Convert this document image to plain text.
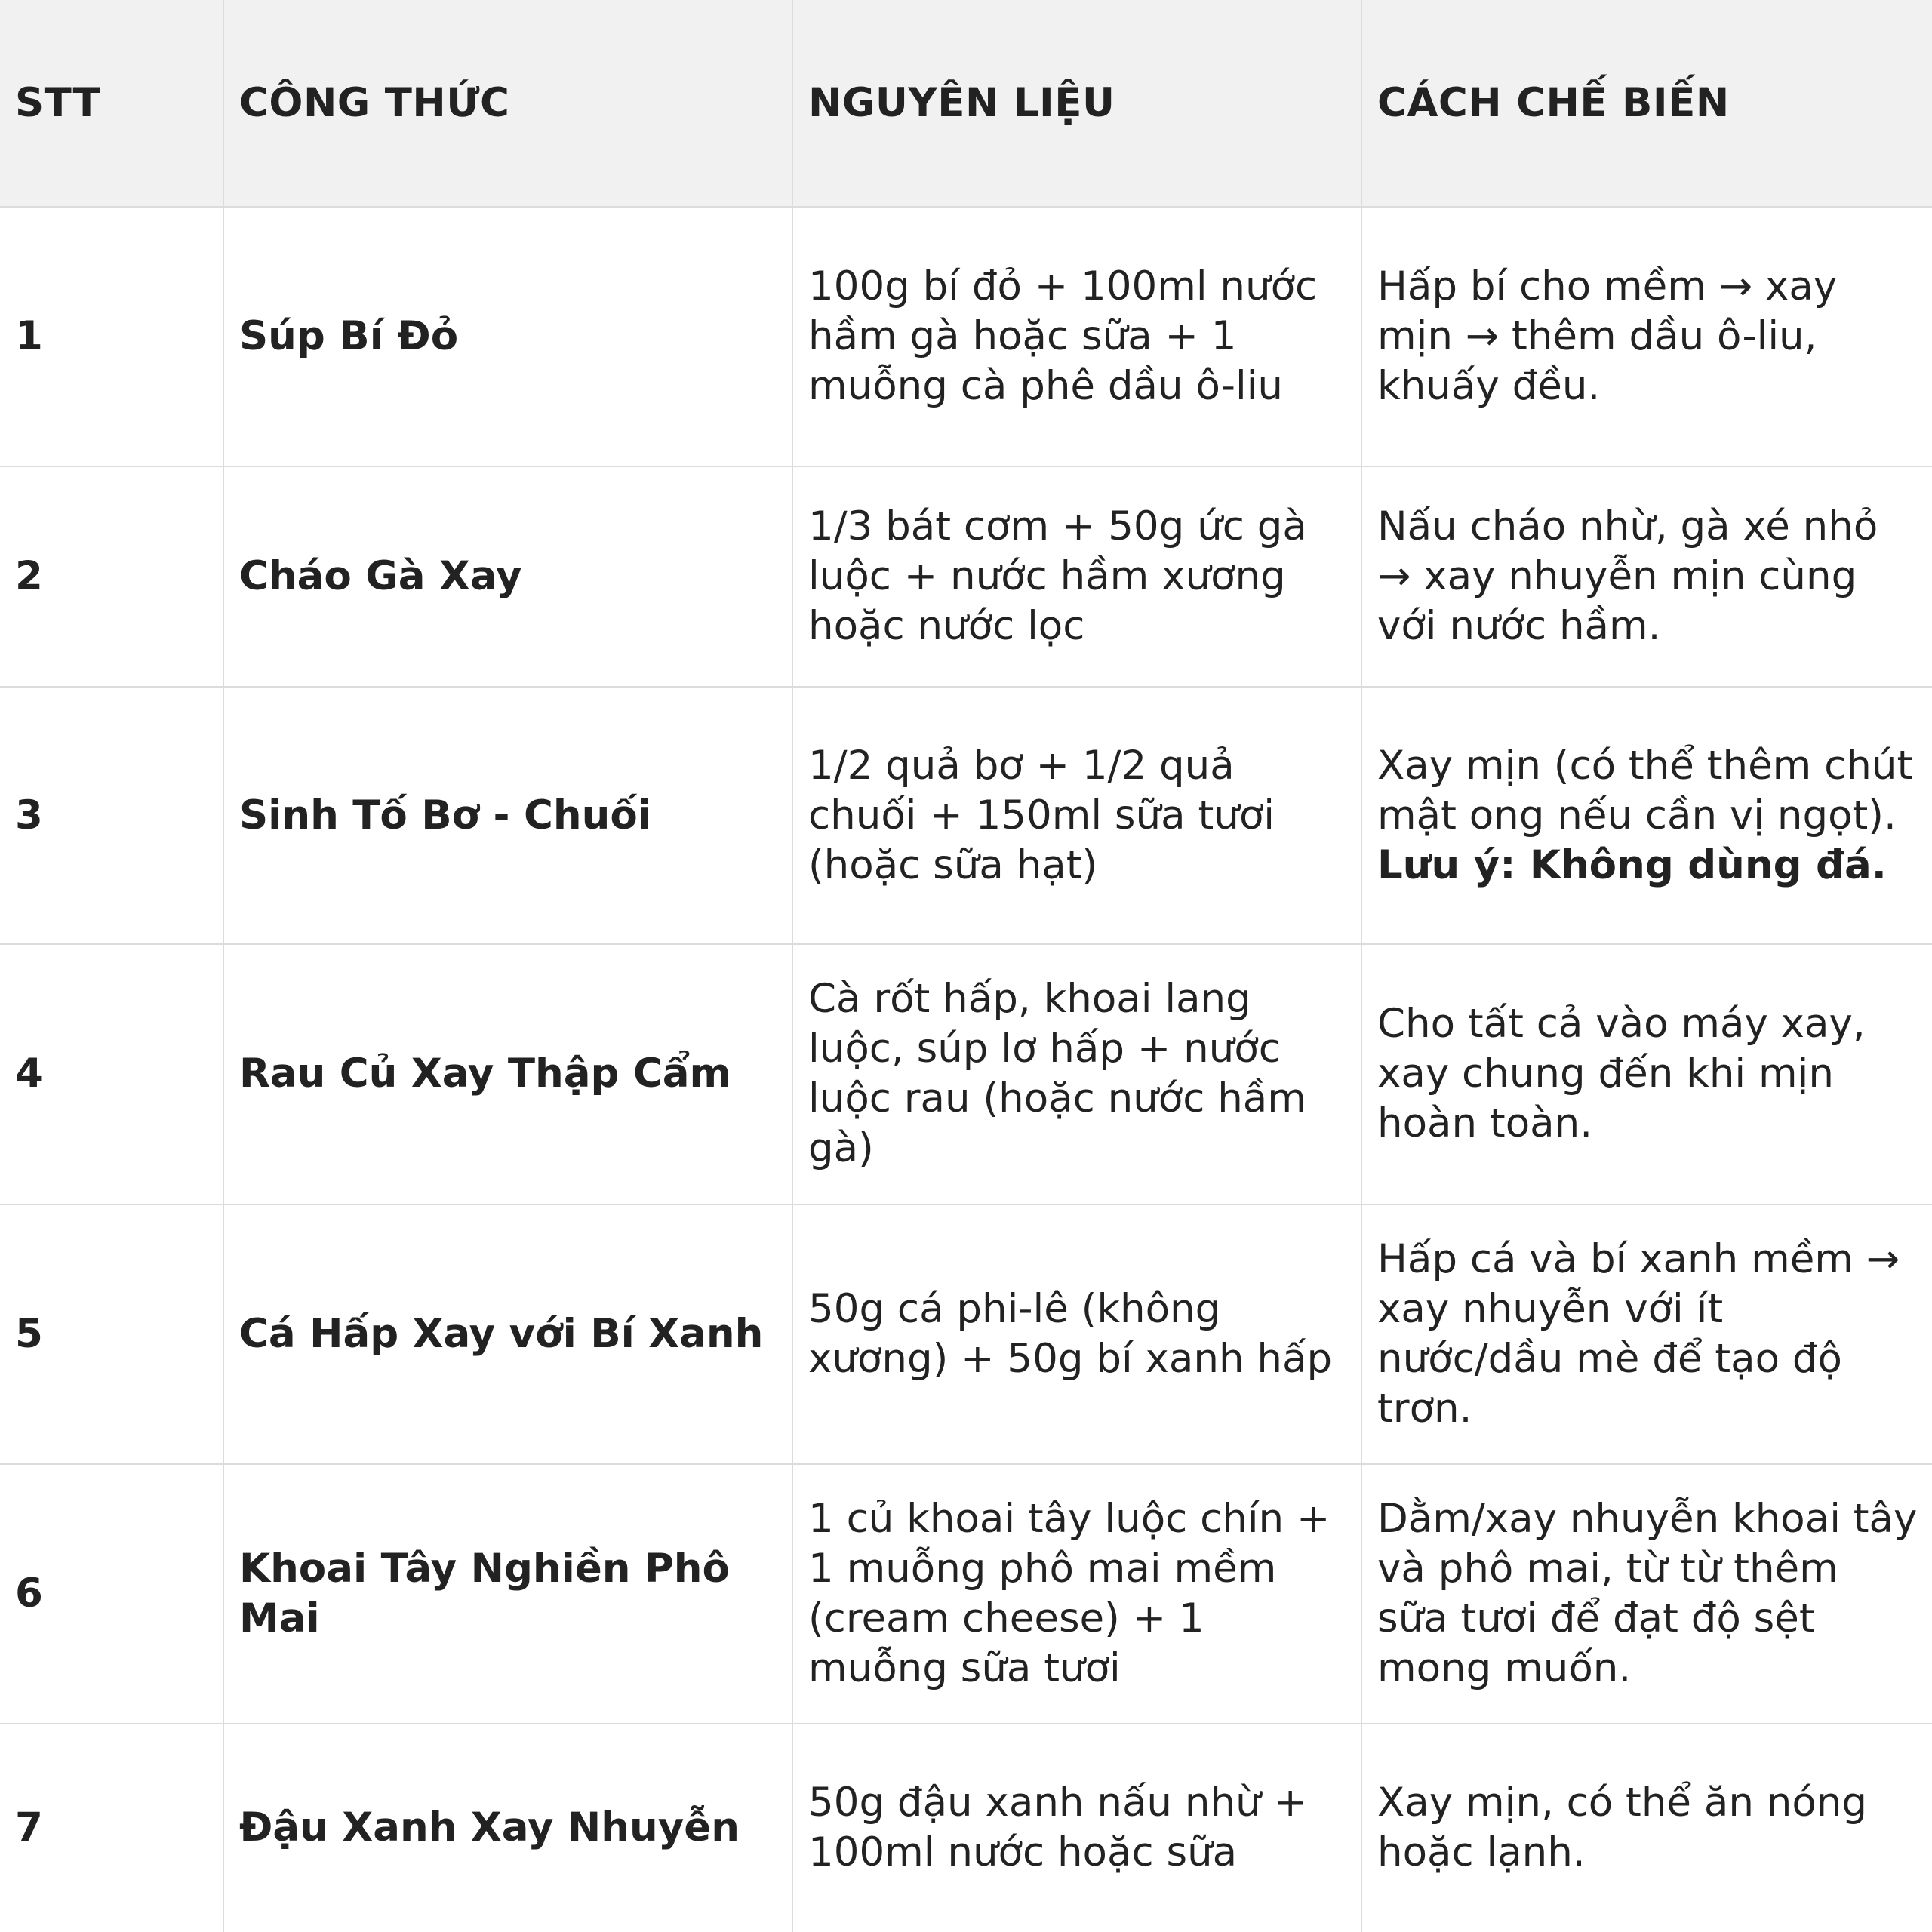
STT	CÔNG THỨC	NGUYÊN LIỆU	CÁCH CHẾ BIẾN
1	Súp Bí Đỏ	100g bí đỏ + 100ml nước hầm gà hoặc sữa + 1 muỗng cà phê dầu ô-liu	Hấp bí cho mềm → xay mịn → thêm dầu ô-liu, khuấy đều.
2	Cháo Gà Xay	1/3 bát cơm + 50g ức gà luộc + nước hầm xương hoặc nước lọc	Nấu cháo nhừ, gà xé nhỏ → xay nhuyễn mịn cùng với nước hầm.
3	Sinh Tố Bơ - Chuối	1/2 quả bơ + 1/2 quả chuối + 150ml sữa tươi (hoặc sữa hạt)	Xay mịn (có thể thêm chút mật ong nếu cần vị ngọt). Lưu ý: Không dùng đá.
4	Rau Củ Xay Thập Cẩm	Cà rốt hấp, khoai lang luộc, súp lơ hấp + nước luộc rau (hoặc nước hầm gà)	Cho tất cả vào máy xay, xay chung đến khi mịn hoàn toàn.
5	Cá Hấp Xay với Bí Xanh	50g cá phi-lê (không xương) + 50g bí xanh hấp	Hấp cá và bí xanh mềm → xay nhuyễn với ít nước/dầu mè để tạo độ trơn.
6	Khoai Tây Nghiền Phô Mai	1 củ khoai tây luộc chín + 1 muỗng phô mai mềm (cream cheese) + 1 muỗng sữa tươi	Dằm/xay nhuyễn khoai tây và phô mai, từ từ thêm sữa tươi để đạt độ sệt mong muốn.
7	Đậu Xanh Xay Nhuyễn	50g đậu xanh nấu nhừ + 100ml nước hoặc sữa	Xay mịn, có thể ăn nóng hoặc lạnh.
